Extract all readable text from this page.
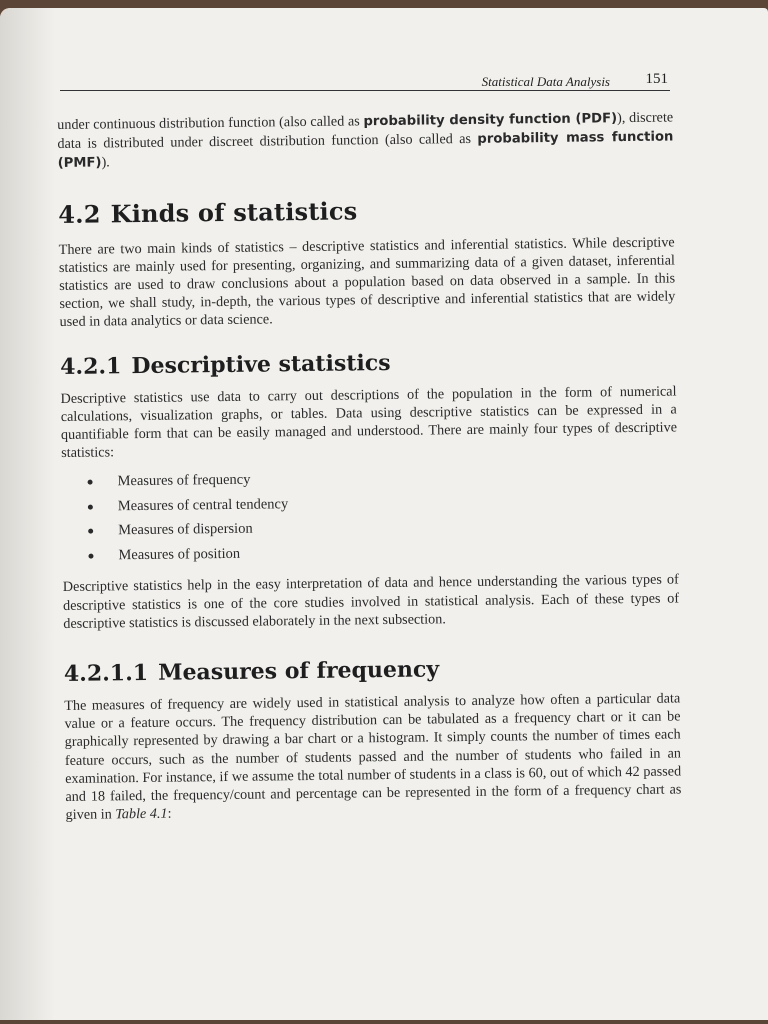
Statistical Data Analysis 151

under continuous distribution function (also called as probability density function (PDF)), discrete data is distributed under discreet distribution function (also called as probability mass function (PMF)).

4.2 Kinds of statistics

There are two main kinds of statistics – descriptive statistics and inferential statistics. While descriptive statistics are mainly used for presenting, organizing, and summarizing data of a given dataset, inferential statistics are used to draw conclusions about a population based on data observed in a sample. In this section, we shall study, in-depth, the various types of descriptive and inferential statistics that are widely used in data analytics or data science.

4.2.1 Descriptive statistics

Descriptive statistics use data to carry out descriptions of the population in the form of numerical calculations, visualization graphs, or tables. Data using descriptive statistics can be expressed in a quantifiable form that can be easily managed and understood. There are mainly four types of descriptive statistics:

Measures of frequency
Measures of central tendency
Measures of dispersion
Measures of position

Descriptive statistics help in the easy interpretation of data and hence understanding the various types of descriptive statistics is one of the core studies involved in statistical analysis. Each of these types of descriptive statistics is discussed elaborately in the next subsection.

4.2.1.1 Measures of frequency

The measures of frequency are widely used in statistical analysis to analyze how often a particular data value or a feature occurs. The frequency distribution can be tabulated as a frequency chart or it can be graphically represented by drawing a bar chart or a histogram. It simply counts the number of times each feature occurs, such as the number of students passed and the number of students who failed in an examination. For instance, if we assume the total number of students in a class is 60, out of which 42 passed and 18 failed, the frequency/count and percentage can be represented in the form of a frequency chart as given in Table 4.1:
